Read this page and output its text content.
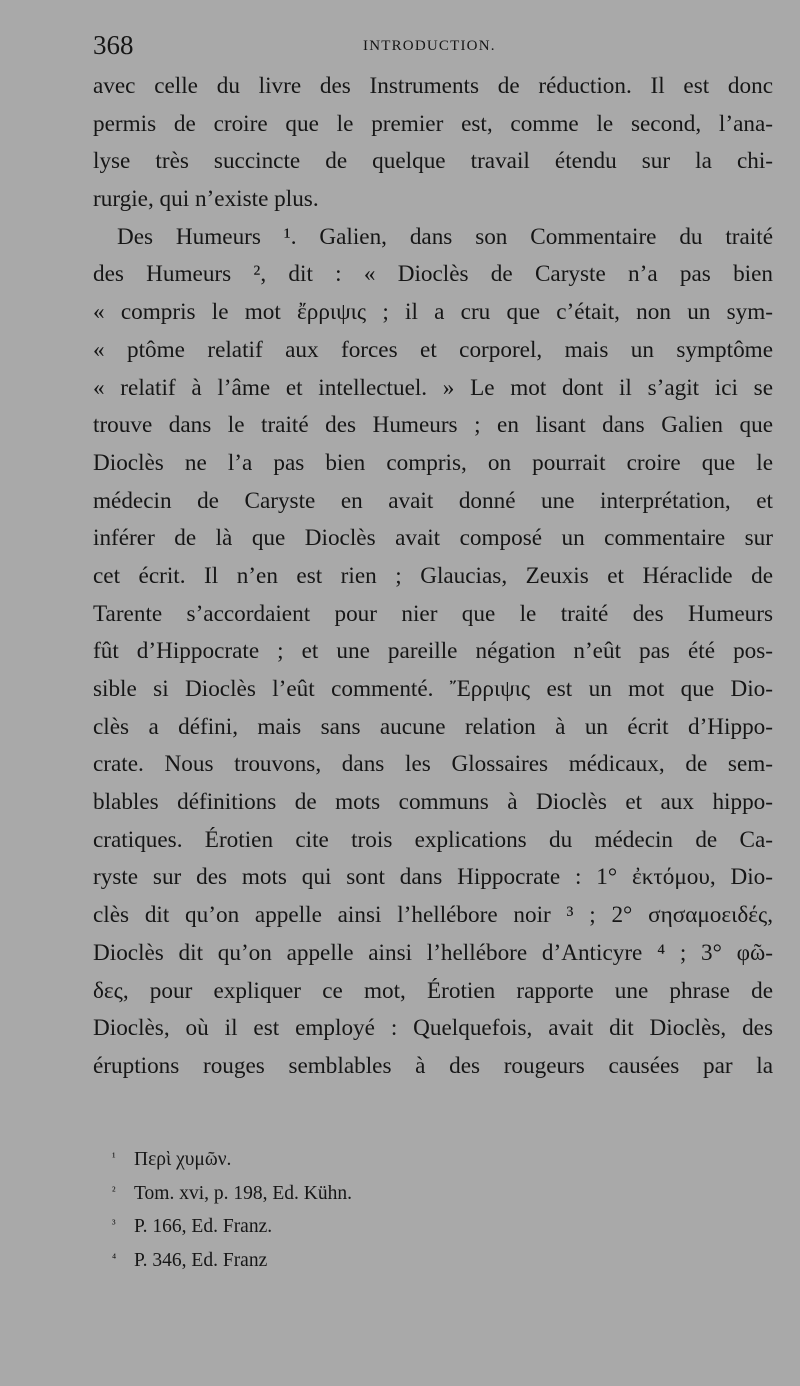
368	INTRODUCTION.
avec celle du livre des Instruments de réduction. Il est donc
permis de croire que le premier est, comme le second, l’ana-
lyse très succincte de quelque travail étendu sur la chi-
rurgie, qui n’existe plus.
Des Humeurs ¹. Galien, dans son Commentaire du traité
des Humeurs ², dit : « Dioclès de Caryste n’a pas bien
« compris le mot ἔρριψις ; il a cru que c’était, non un sym-
« ptôme relatif aux forces et corporel, mais un symptôme
« relatif à l’âme et intellectuel. » Le mot dont il s’agit ici se
trouve dans le traité des Humeurs ; en lisant dans Galien que
Dioclès ne l’a pas bien compris, on pourrait croire que le
médecin de Caryste en avait donné une interprétation, et
inférer de là que Dioclès avait composé un commentaire sur
cet écrit. Il n’en est rien ; Glaucias, Zeuxis et Héraclide de
Tarente s’accordaient pour nier que le traité des Humeurs
fût d’Hippocrate ; et une pareille négation n’eût pas été pos-
sible si Dioclès l’eût commenté. Ἔρριψις est un mot que Dio-
clès a défini, mais sans aucune relation à un écrit d’Hippo-
crate. Nous trouvons, dans les Glossaires médicaux, de sem-
blables définitions de mots communs à Dioclès et aux hippo-
cratiques. Érotien cite trois explications du médecin de Ca-
ryste sur des mots qui sont dans Hippocrate : 1° ἐκτόμου, Dio-
clès dit qu’on appelle ainsi l’hellébore noir ³ ; 2° σησαμοειδές,
Dioclès dit qu’on appelle ainsi l’hellébore d’Anticyre ⁴ ; 3° φῶ-
δες, pour expliquer ce mot, Érotien rapporte une phrase de
Dioclès, où il est employé : Quelquefois, avait dit Dioclès, des
éruptions rouges semblables à des rougeurs causées par la
¹ Περὶ χυμῶν.
² Tom. xvi, p. 198, Ed. Kühn.
³ P. 166, Ed. Franz.
⁴ P. 346, Ed. Franz
